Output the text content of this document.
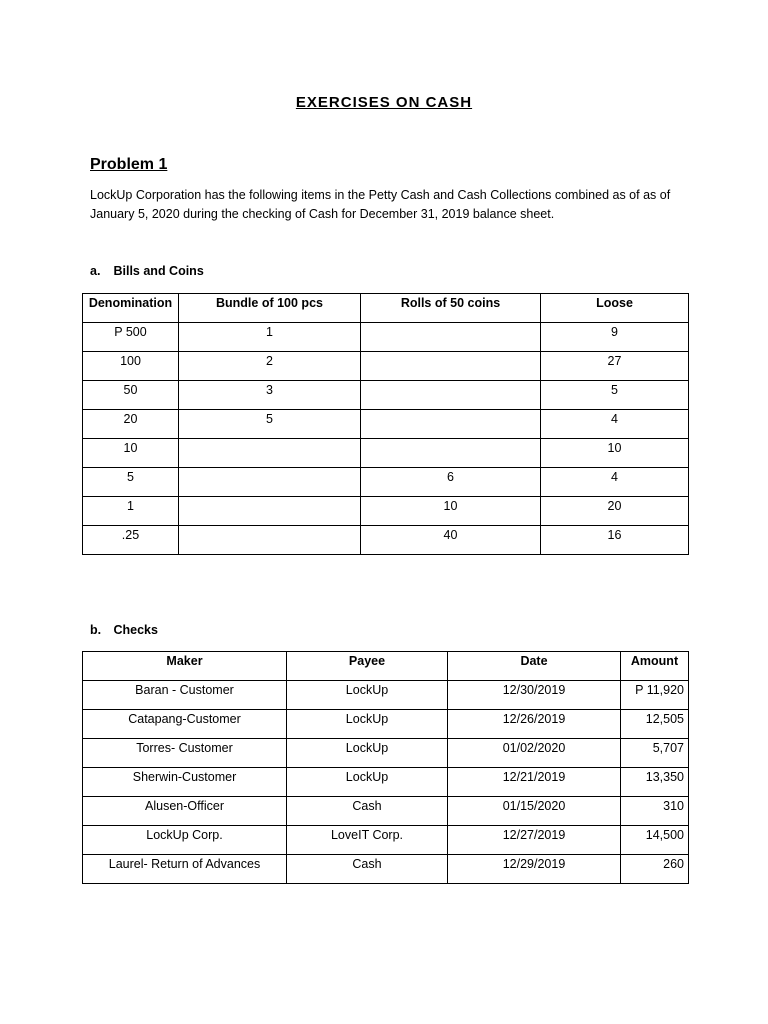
EXERCISES ON CASH
Problem 1
LockUp Corporation has the following items in the Petty Cash and Cash Collections combined as of as of January 5, 2020 during the checking of Cash for December 31, 2019 balance sheet.
a. Bills and Coins
Denomination	Bundle of 100 pcs	Rolls of 50 coins	Loose
P 500	1		9
100	2		27
50	3		5
20	5		4
10			10
5		6	4
1		10	20
.25		40	16
b. Checks
Maker	Payee	Date	Amount
Baran - Customer	LockUp	12/30/2019	P 11,920
Catapang-Customer	LockUp	12/26/2019	12,505
Torres- Customer	LockUp	01/02/2020	5,707
Sherwin-Customer	LockUp	12/21/2019	13,350
Alusen-Officer	Cash	01/15/2020	310
LockUp Corp.	LoveIT Corp.	12/27/2019	14,500
Laurel- Return of Advances	Cash	12/29/2019	260
